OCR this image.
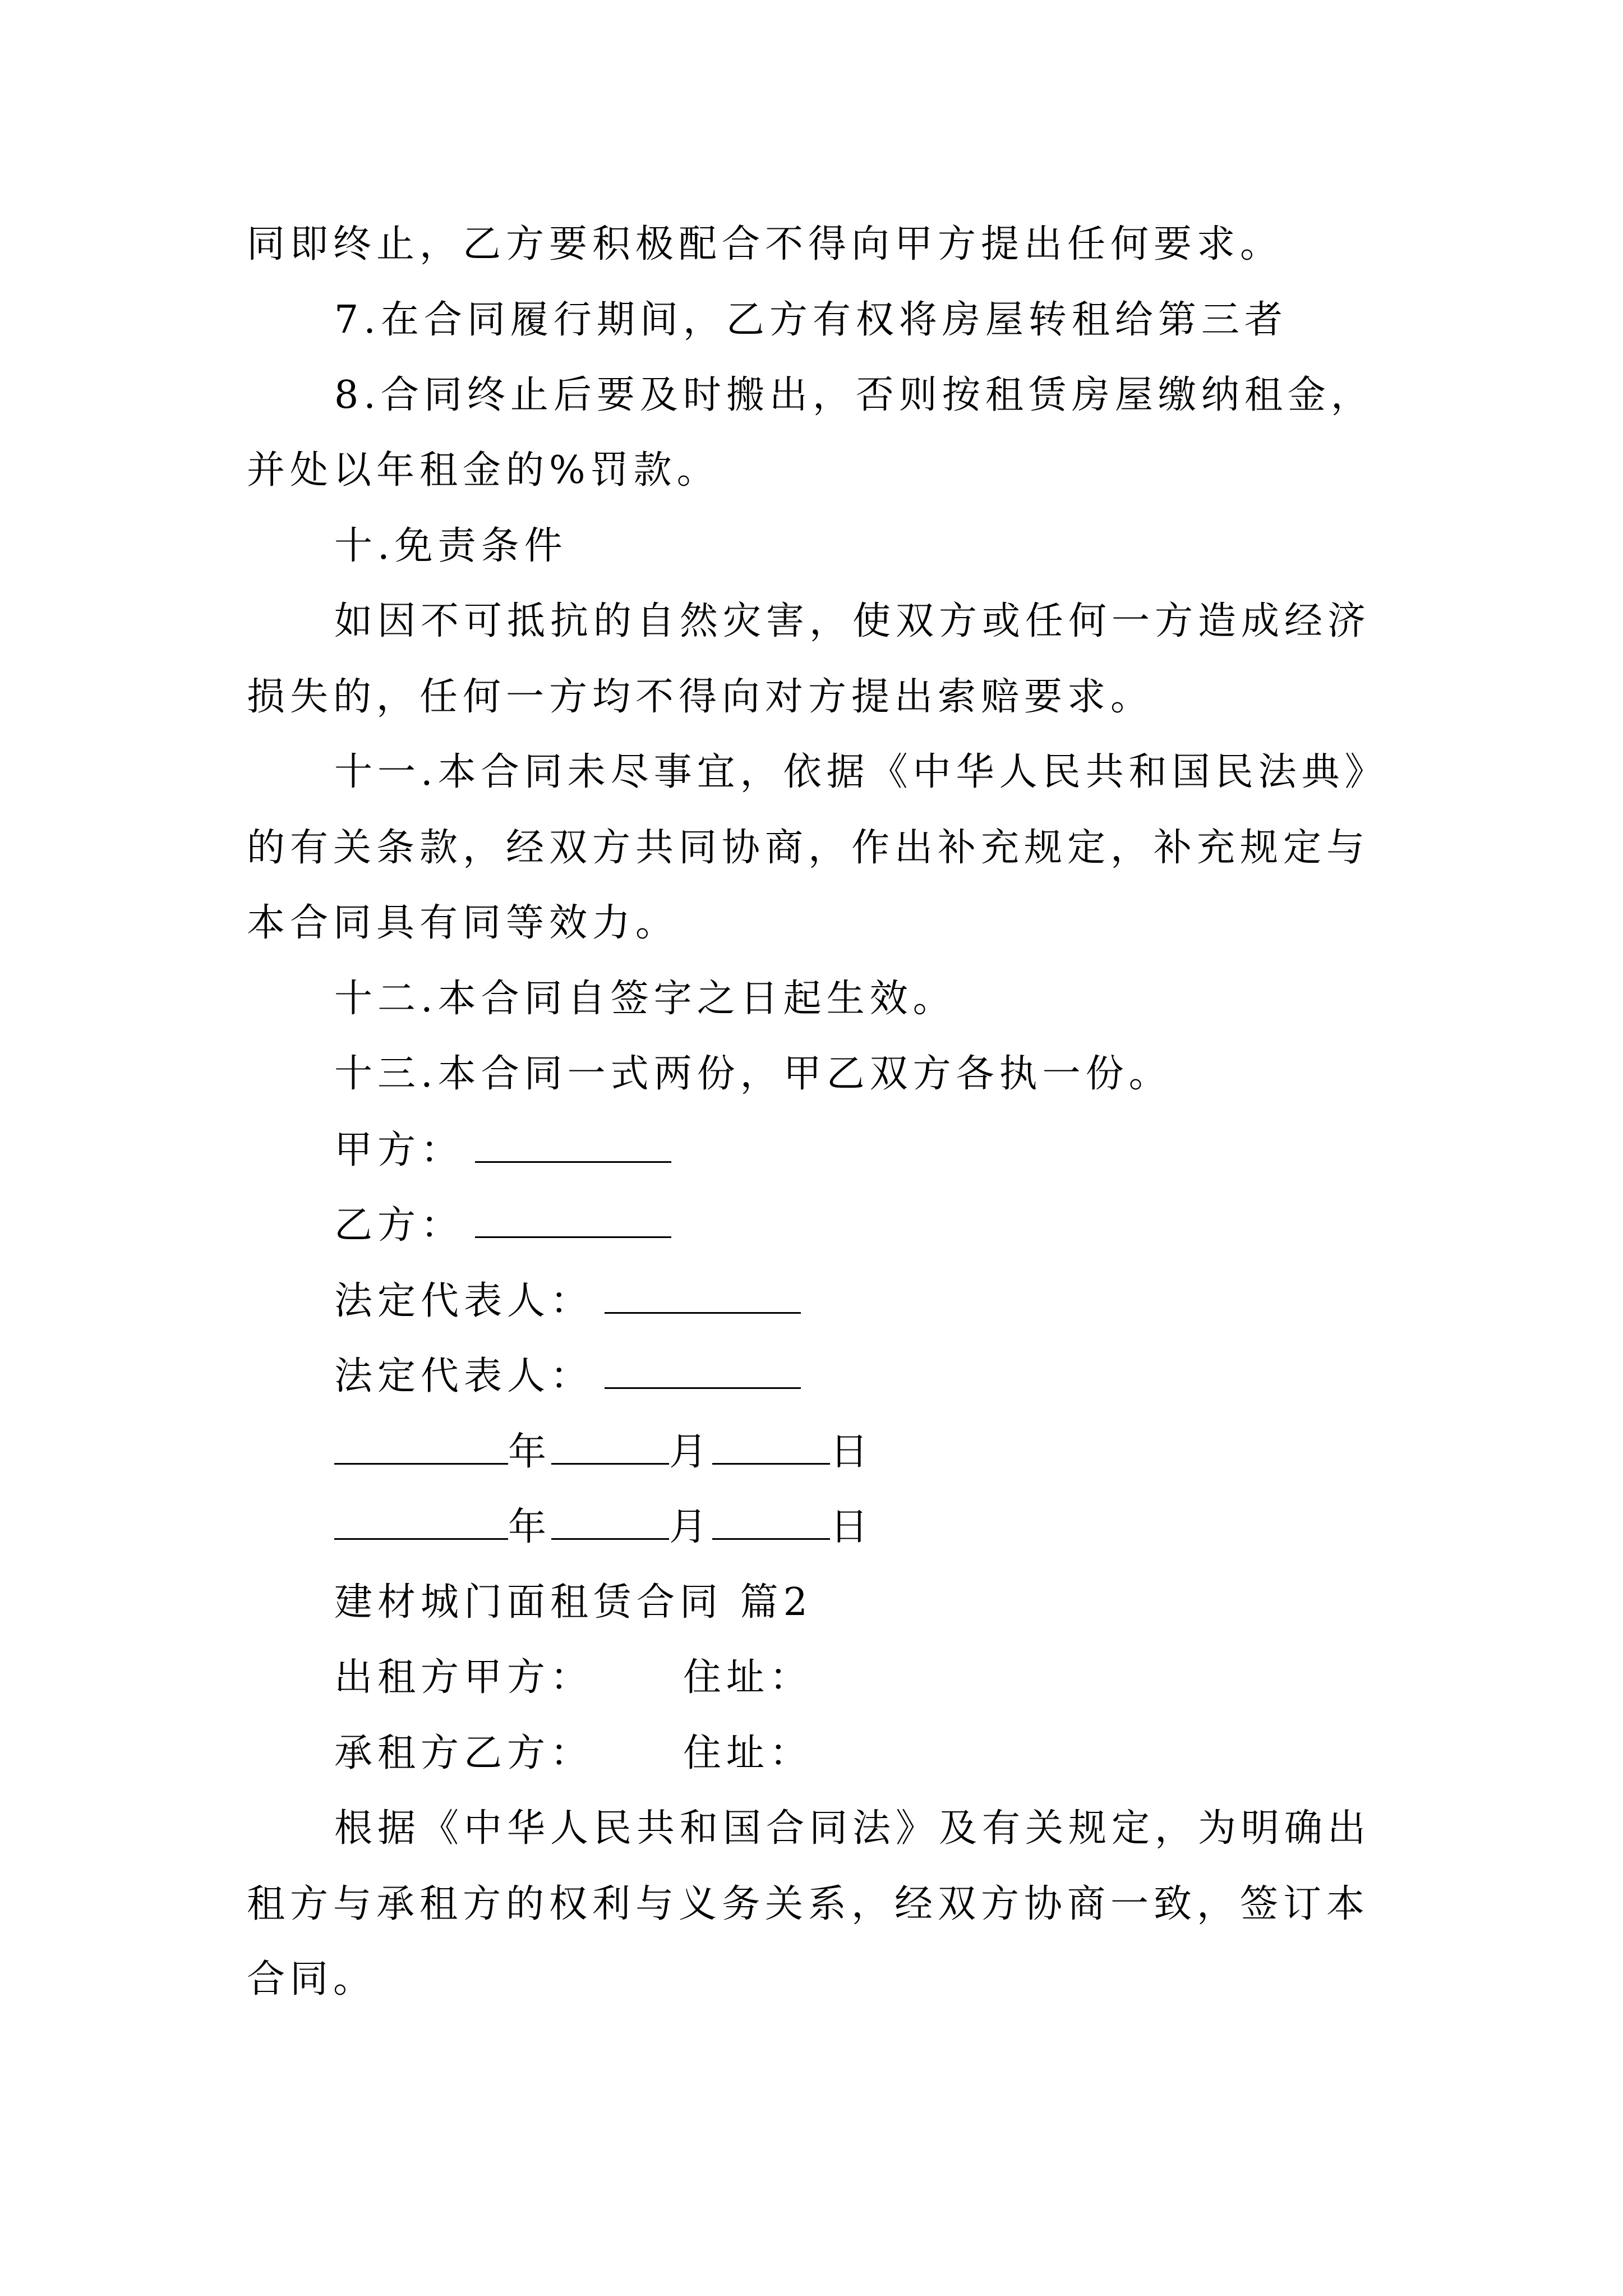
同即终止，乙方要积极配合不得向甲方提出任何要求。
7.在合同履行期间，乙方有权将房屋转租给第三者
8.合同终止后要及时搬出，否则按租赁房屋缴纳租金，
并处以年租金的%罚款。
十.免责条件
如因不可抵抗的自然灾害，使双方或任何一方造成经济
损失的，任何一方均不得向对方提出索赔要求。
十一.本合同未尽事宜，依据《中华人民共和国民法典》
的有关条款，经双方共同协商，作出补充规定，补充规定与
本合同具有同等效力。
十二.本合同自签字之日起生效。
十三.本合同一式两份，甲乙双方各执一份。
甲方：
乙方：
法定代表人：
法定代表人：
年	月	日
年	月	日
建材城门面租赁合同 篇2
出租方甲方： 住址：
承租方乙方： 住址：
根据《中华人民共和国合同法》及有关规定，为明确出
租方与承租方的权利与义务关系，经双方协商一致，签订本
合同。
